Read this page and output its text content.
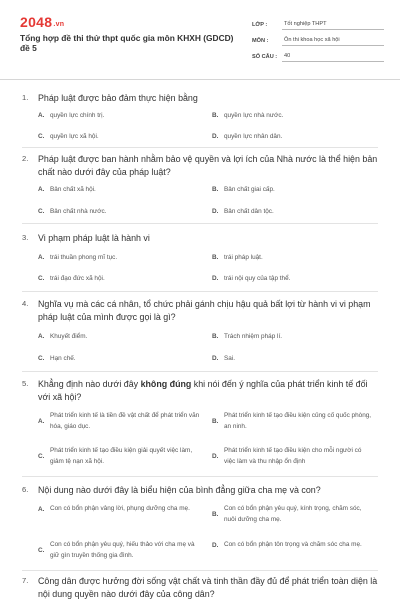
2048.vn
Tổng hợp đề thi thử thpt quốc gia môn KHXH (GDCD) đề 5
LỚP :	Tốt nghiệp THPT
MÔN :	Ôn thi khoa học xã hội
SỐ CÂU :	40
1.	Pháp luật được bảo đảm thực hiện bằng
A. quyền lực chính trị.	B. quyền lực nhà nước.
C. quyền lực xã hội.	D. quyền lực nhân dân.
2.	Pháp luật được ban hành nhằm bảo vệ quyền và lợi ích của Nhà nước là thể hiện bản chất nào dưới đây của pháp luật?
A. Bản chất xã hội.	B. Bản chất giai cấp.
C. Bản chất nhà nước.	D. Bản chất dân tộc.
3.	Vi phạm pháp luật là hành vi
A. trái thuần phong mĩ tục.	B. trái pháp luật.
C. trái đạo đức xã hội.	D. trái nội quy của tập thể.
4.	Nghĩa vụ mà các cá nhân, tổ chức phải gánh chịu hậu quả bất lợi từ hành vi vi phạm pháp luật của mình được gọi là gì?
A. Khuyết điểm.	B. Trách nhiệm pháp lí.
C. Hạn chế.	D. Sai.
5.	Khẳng định nào dưới đây không đúng khi nói đến ý nghĩa của phát triển kinh tế đối với xã hội?
A.
Phát triển kinh tế là tiền đề vật chất để phát triển văn hóa, giáo dục.
B.
Phát triển kinh tế tạo điều kiện củng cố quốc phòng, an ninh.
C.
Phát triển kinh tế tạo điều kiện giải quyết việc làm, giảm tệ nạn xã hội.
D.
Phát triển kinh tế tạo điều kiện cho mỗi người có việc làm và thu nhập ổn định
6.	Nội dung nào dưới đây là biểu hiện của bình đẳng giữa cha mẹ và con?
A. Con có bổn phận vâng lời, phụng dưỡng cha mẹ.
B.
Con có bổn phận yêu quý, kính trọng, chăm sóc, nuôi dưỡng cha mẹ.
C.
Con có bổn phận yêu quý, hiếu thảo với cha mẹ và giữ gìn truyền thống gia đình.
D. Con có bổn phận tôn trọng và chăm sóc cha mẹ.
7.	Công dân được hưởng đời sống vật chất và tinh thần đầy đủ để phát triển toàn diện là nội dung quyền nào dưới đây của công dân?
